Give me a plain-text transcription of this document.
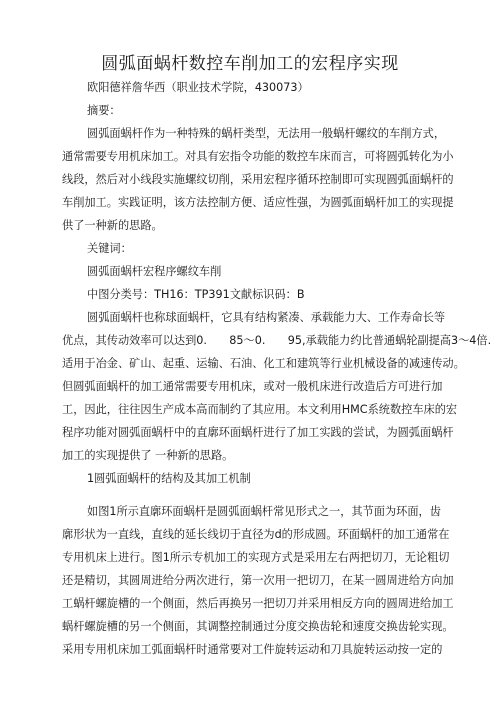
圆弧面蜗杆数控车削加工的宏程序实现
欧阳德祥詹华西（职业技术学院，430073）
摘要：
圆弧面蜗杆作为一种特殊的蜗杆类型，无法用一般蜗杆螺纹的车削方式，
通常需要专用机床加工。对具有宏指令功能的数控车床而言，可将圆弧转化为小
线段，然后对小线段实施螺纹切削，采用宏程序循环控制即可实现圆弧面蜗杆的
车削加工。实践证明，该方法控制方便、适应性强，为圆弧面蜗杆加工的实现提
供了一种新的思路。
关键词：
圆弧面蜗杆宏程序螺纹车削
中图分类号：TH16：TP391文献标识码：B
圆弧面蜗杆也称球面蜗杆，它具有结构紧凑、承载能力大、工作寿命长等
优点，其传动效率可以达到0.　　85～0.　　95,承载能力约比普通蜗轮副提高3～4倍.
适用于冶金、矿山、起重、运输、石油、化工和建筑等行业机械设备的减速传动。
但圆弧面蜗杆的加工通常需要专用机床，或对一般机床进行改造后方可进行加
工，因此，往往因生产成本高而制约了其应用。本文利用HMC系统数控车床的宏
程序功能对圆弧面蜗杆中的直廓环面蜗杆进行了加工实践的尝试，为圆弧面蜗杆
加工的实现提供了 一种新的思路。
1圆弧面蜗杆的结构及其加工机制
如图1所示直廓环面蜗杆是圆弧面蜗杆常见形式之一，其节面为环面，齿
廓形状为一直线，直线的延长线切于直径为d的形成圆。环面蜗杆的加工通常在
专用机床上进行。图1所示专机加工的实现方式是采用左右两把切刀，无论粗切
还是精切，其圆周进给分两次进行，第一次用一把切刀，在某一圆周进给方向加
工蜗杆螺旋槽的一个侧面，然后再换另一把切刀并采用相反方向的圆周进给加工
蜗杆螺旋槽的另一个侧面，其调整控制通过分度交换齿轮和速度交换齿轮实现。
采用专用机床加工弧面蜗杆时通常要对工件旋转运动和刀具旋转运动按一定的
